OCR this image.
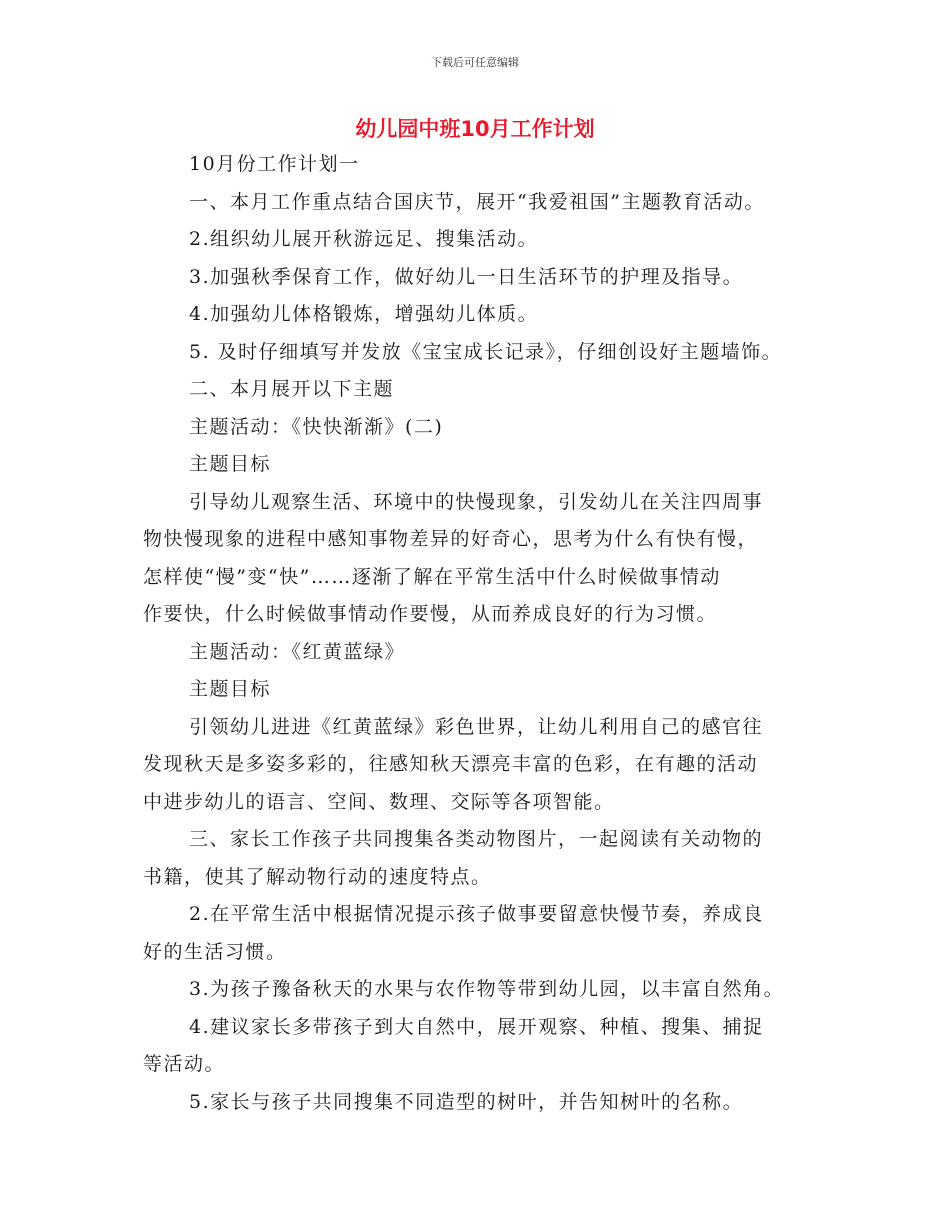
下载后可任意编辑
幼儿园中班10月工作计划
10月份工作计划一
一、本月工作重点结合国庆节，展开“我爱祖国”主题教育活动。
2.组织幼儿展开秋游远足、搜集活动。
3.加强秋季保育工作，做好幼儿一日生活环节的护理及指导。
4.加强幼儿体格锻炼，增强幼儿体质。
5. 及时仔细填写并发放《宝宝成长记录》，仔细创设好主题墙饰。
二、本月展开以下主题
主题活动：《快快渐渐》(二)
主题目标
引导幼儿观察生活、环境中的快慢现象，引发幼儿在关注四周事
物快慢现象的进程中感知事物差异的好奇心，思考为什么有快有慢，
怎样使“慢”变“快”……逐渐了解在平常生活中什么时候做事情动
作要快，什么时候做事情动作要慢，从而养成良好的行为习惯。
主题活动：《红黄蓝绿》
主题目标
引领幼儿进进《红黄蓝绿》彩色世界，让幼儿利用自己的感官往
发现秋天是多姿多彩的，往感知秋天漂亮丰富的色彩，在有趣的活动
中进步幼儿的语言、空间、数理、交际等各项智能。
三、家长工作孩子共同搜集各类动物图片，一起阅读有关动物的
书籍，使其了解动物行动的速度特点。
2.在平常生活中根据情况提示孩子做事要留意快慢节奏，养成良
好的生活习惯。
3.为孩子豫备秋天的水果与农作物等带到幼儿园，以丰富自然角。
4.建议家长多带孩子到大自然中，展开观察、种植、搜集、捕捉
等活动。
5.家长与孩子共同搜集不同造型的树叶，并告知树叶的名称。
